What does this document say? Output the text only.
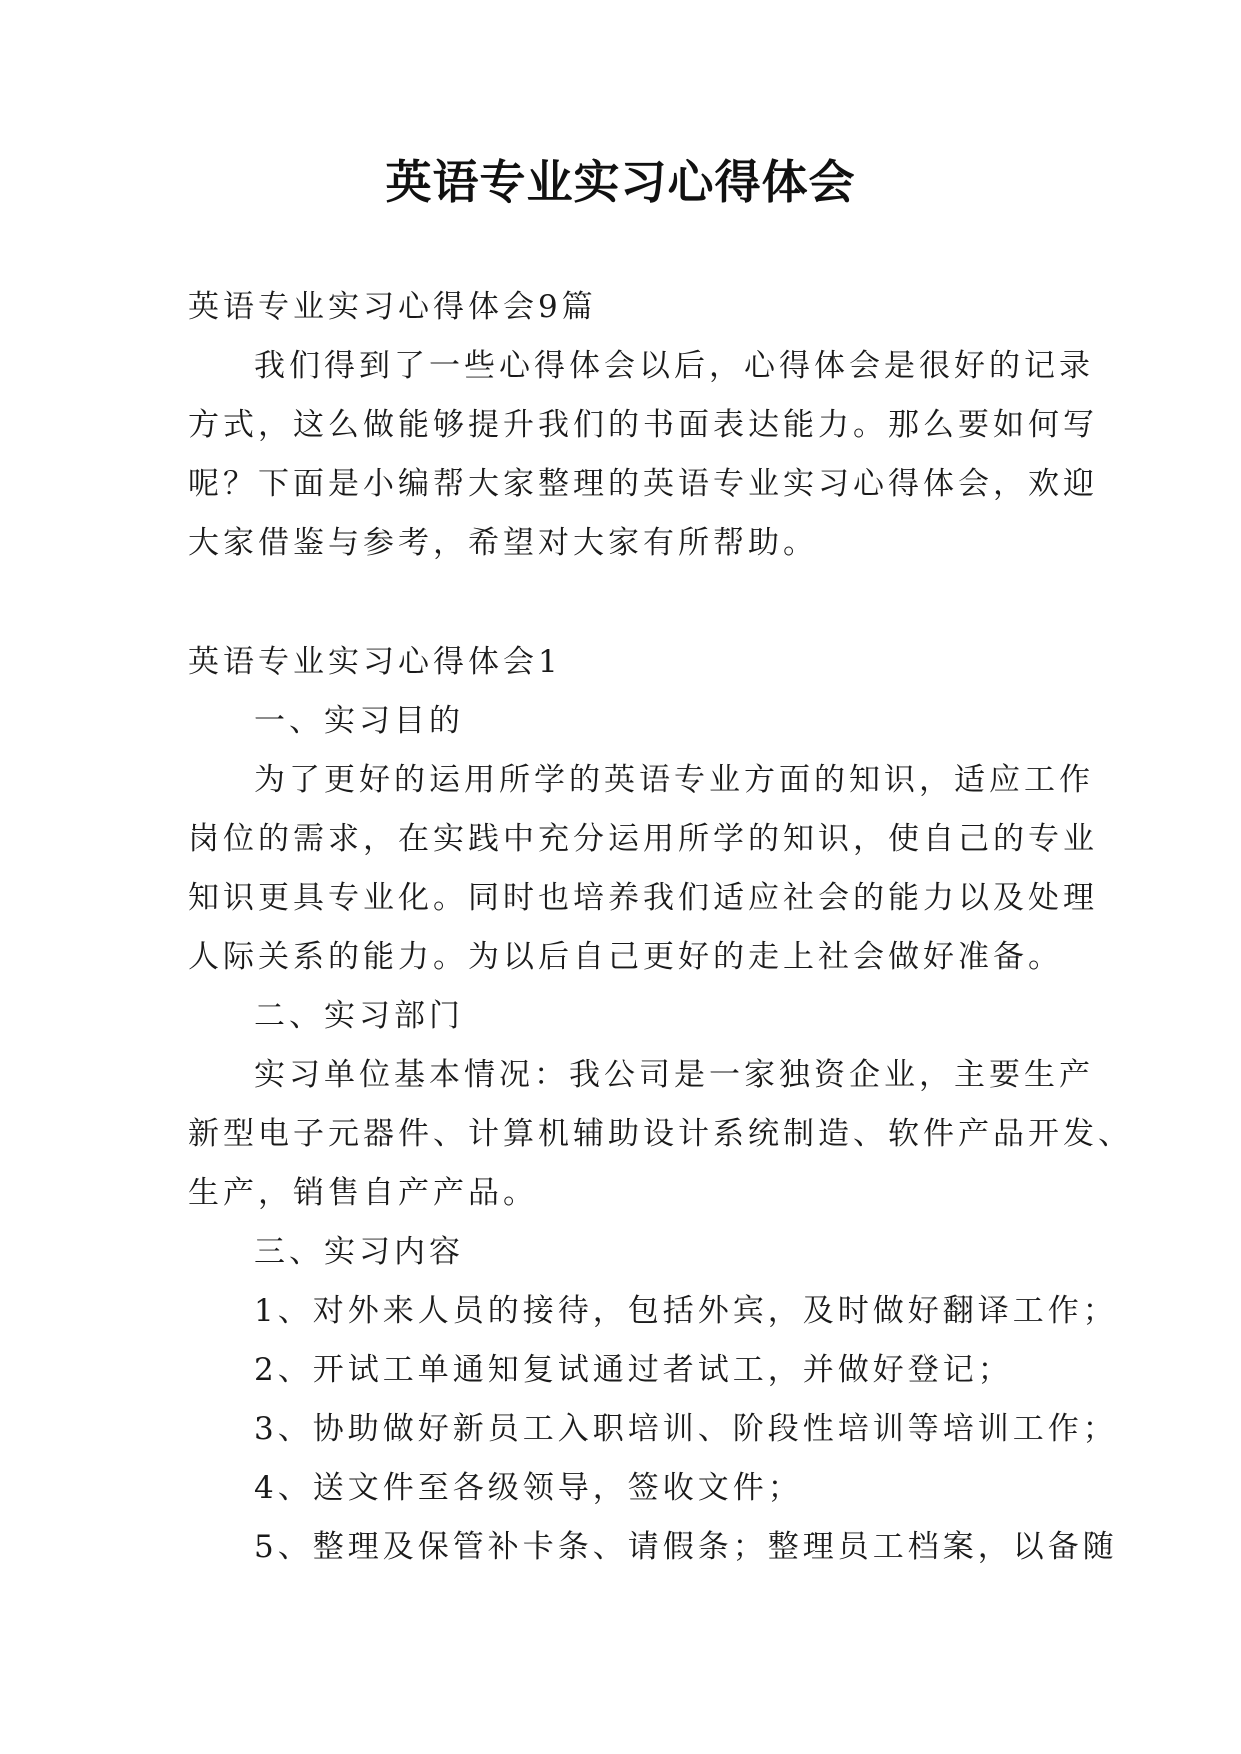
英语专业实习心得体会
英语专业实习心得体会9篇
我们得到了一些心得体会以后，心得体会是很好的记录
方式，这么做能够提升我们的书面表达能力。那么要如何写
呢？下面是小编帮大家整理的英语专业实习心得体会，欢迎
大家借鉴与参考，希望对大家有所帮助。
英语专业实习心得体会1
一、实习目的
为了更好的运用所学的英语专业方面的知识，适应工作
岗位的需求，在实践中充分运用所学的知识，使自己的专业
知识更具专业化。同时也培养我们适应社会的能力以及处理
人际关系的能力。为以后自己更好的走上社会做好准备。
二、实习部门
实习单位基本情况：我公司是一家独资企业，主要生产
新型电子元器件、计算机辅助设计系统制造、软件产品开发、
生产，销售自产产品。
三、实习内容
1、对外来人员的接待，包括外宾，及时做好翻译工作；
2、开试工单通知复试通过者试工，并做好登记；
3、协助做好新员工入职培训、阶段性培训等培训工作；
4、送文件至各级领导，签收文件；
5、整理及保管补卡条、请假条；整理员工档案，以备随
